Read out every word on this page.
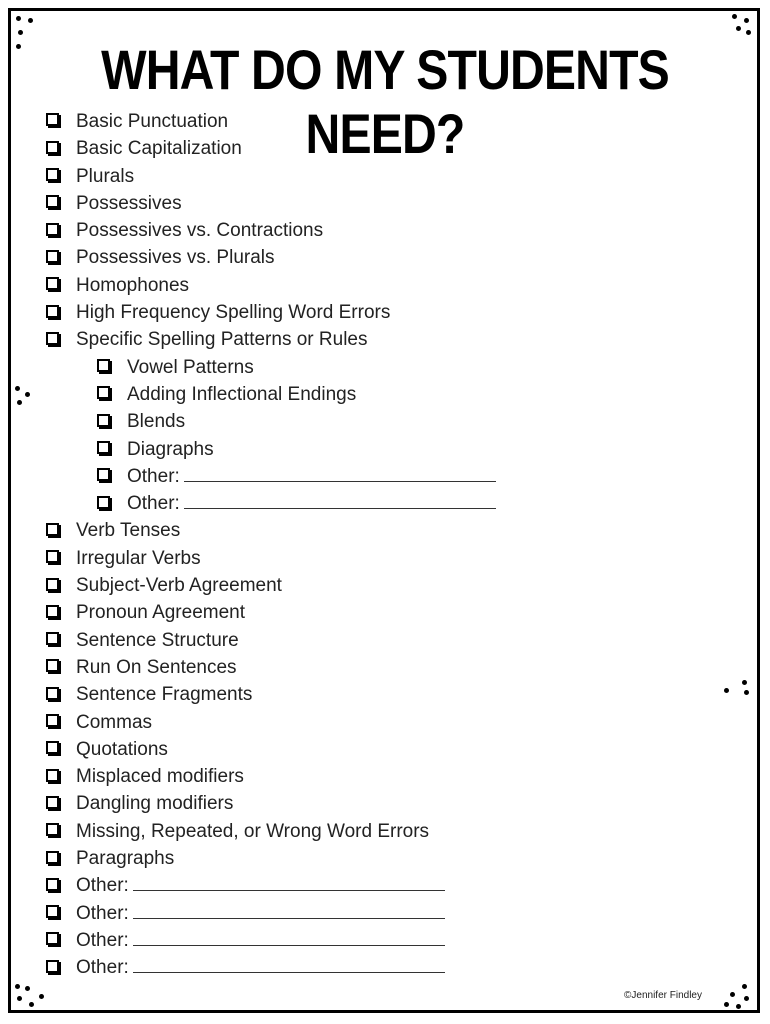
WHAT DO MY STUDENTS NEED?
Basic Punctuation
Basic Capitalization
Plurals
Possessives
Possessives vs. Contractions
Possessives vs. Plurals
Homophones
High Frequency Spelling Word Errors
Specific Spelling Patterns or Rules
Vowel Patterns
Adding Inflectional Endings
Blends
Diagraphs
Other:
Other:
Verb Tenses
Irregular Verbs
Subject-Verb Agreement
Pronoun Agreement
Sentence Structure
Run On Sentences
Sentence Fragments
Commas
Quotations
Misplaced modifiers
Dangling modifiers
Missing, Repeated, or Wrong Word Errors
Paragraphs
Other:
Other:
Other:
Other:
©Jennifer Findley
